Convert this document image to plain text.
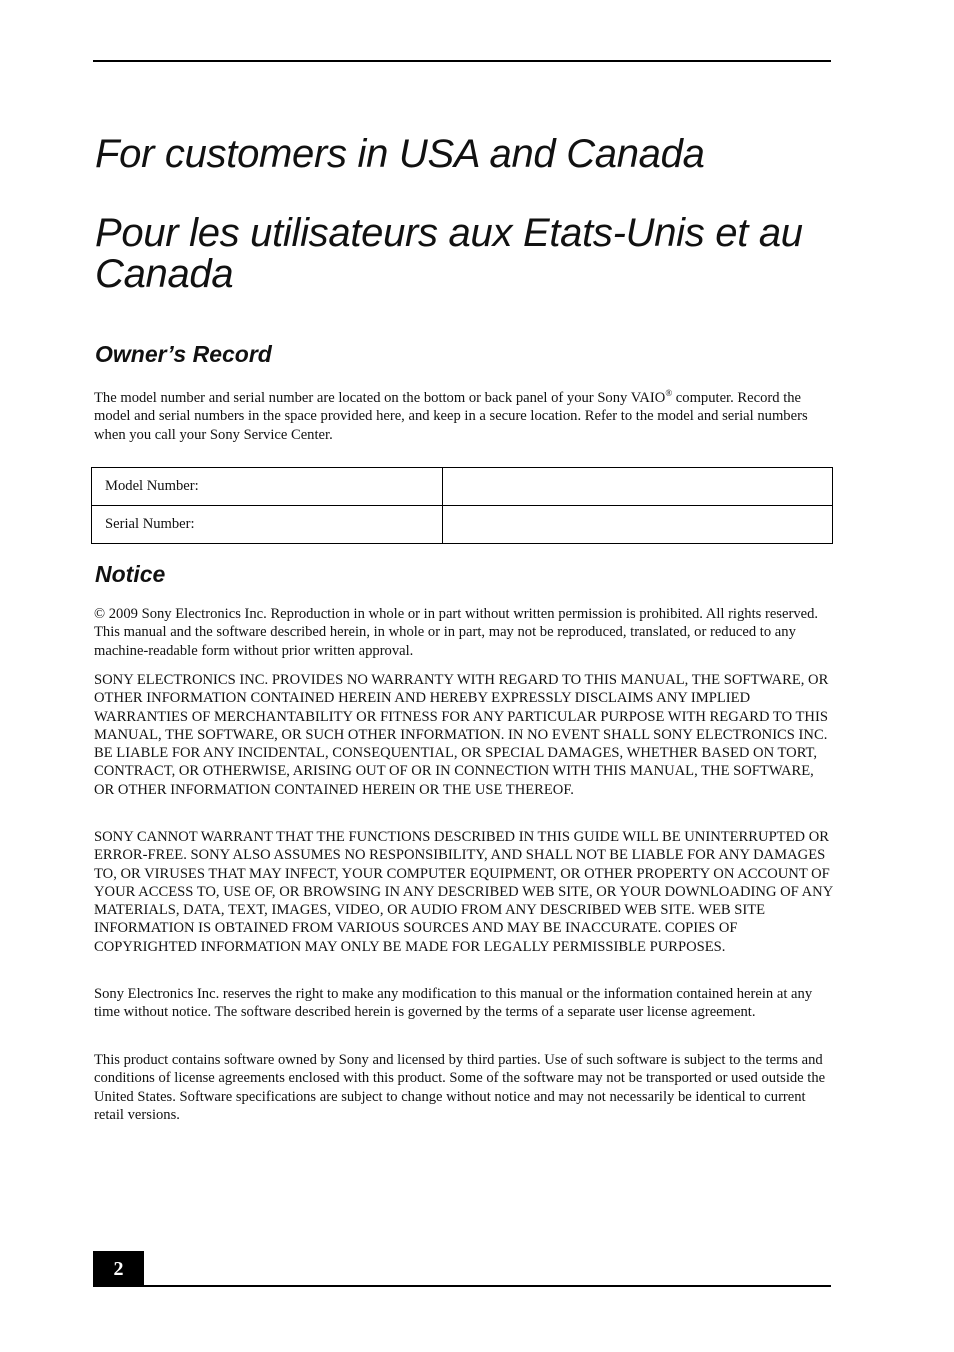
For customers in USA and Canada
Pour les utilisateurs aux Etats-Unis et au Canada
Owner’s Record

The model number and serial number are located on the bottom or back panel of your Sony VAIO® computer. Record the model and serial numbers in the space provided here, and keep in a secure location. Refer to the model and serial numbers when you call your Sony Service Center.

Model Number:	
Serial Number:	
Notice

© 2009 Sony Electronics Inc. Reproduction in whole or in part without written permission is prohibited. All rights reserved. This manual and the software described herein, in whole or in part, may not be reproduced, translated, or reduced to any machine-readable form without prior written approval.

SONY ELECTRONICS INC. PROVIDES NO WARRANTY WITH REGARD TO THIS MANUAL, THE SOFTWARE, OR OTHER INFORMATION CONTAINED HEREIN AND HEREBY EXPRESSLY DISCLAIMS ANY IMPLIED WARRANTIES OF MERCHANTABILITY OR FITNESS FOR ANY PARTICULAR PURPOSE WITH REGARD TO THIS MANUAL, THE SOFTWARE, OR SUCH OTHER INFORMATION. IN NO EVENT SHALL SONY ELECTRONICS INC. BE LIABLE FOR ANY INCIDENTAL, CONSEQUENTIAL, OR SPECIAL DAMAGES, WHETHER BASED ON TORT, CONTRACT, OR OTHERWISE, ARISING OUT OF OR IN CONNECTION WITH THIS MANUAL, THE SOFTWARE, OR OTHER INFORMATION CONTAINED HEREIN OR THE USE THEREOF.

SONY CANNOT WARRANT THAT THE FUNCTIONS DESCRIBED IN THIS GUIDE WILL BE UNINTERRUPTED OR ERROR-FREE. SONY ALSO ASSUMES NO RESPONSIBILITY, AND SHALL NOT BE LIABLE FOR ANY DAMAGES TO, OR VIRUSES THAT MAY INFECT, YOUR COMPUTER EQUIPMENT, OR OTHER PROPERTY ON ACCOUNT OF YOUR ACCESS TO, USE OF, OR BROWSING IN ANY DESCRIBED WEB SITE, OR YOUR DOWNLOADING OF ANY MATERIALS, DATA, TEXT, IMAGES, VIDEO, OR AUDIO FROM ANY DESCRIBED WEB SITE. WEB SITE INFORMATION IS OBTAINED FROM VARIOUS SOURCES AND MAY BE INACCURATE. COPIES OF COPYRIGHTED INFORMATION MAY ONLY BE MADE FOR LEGALLY PERMISSIBLE PURPOSES.

Sony Electronics Inc. reserves the right to make any modification to this manual or the information contained herein at any time without notice. The software described herein is governed by the terms of a separate user license agreement.

This product contains software owned by Sony and licensed by third parties. Use of such software is subject to the terms and conditions of license agreements enclosed with this product. Some of the software may not be transported or used outside the United States. Software specifications are subject to change without notice and may not necessarily be identical to current retail versions.

2
